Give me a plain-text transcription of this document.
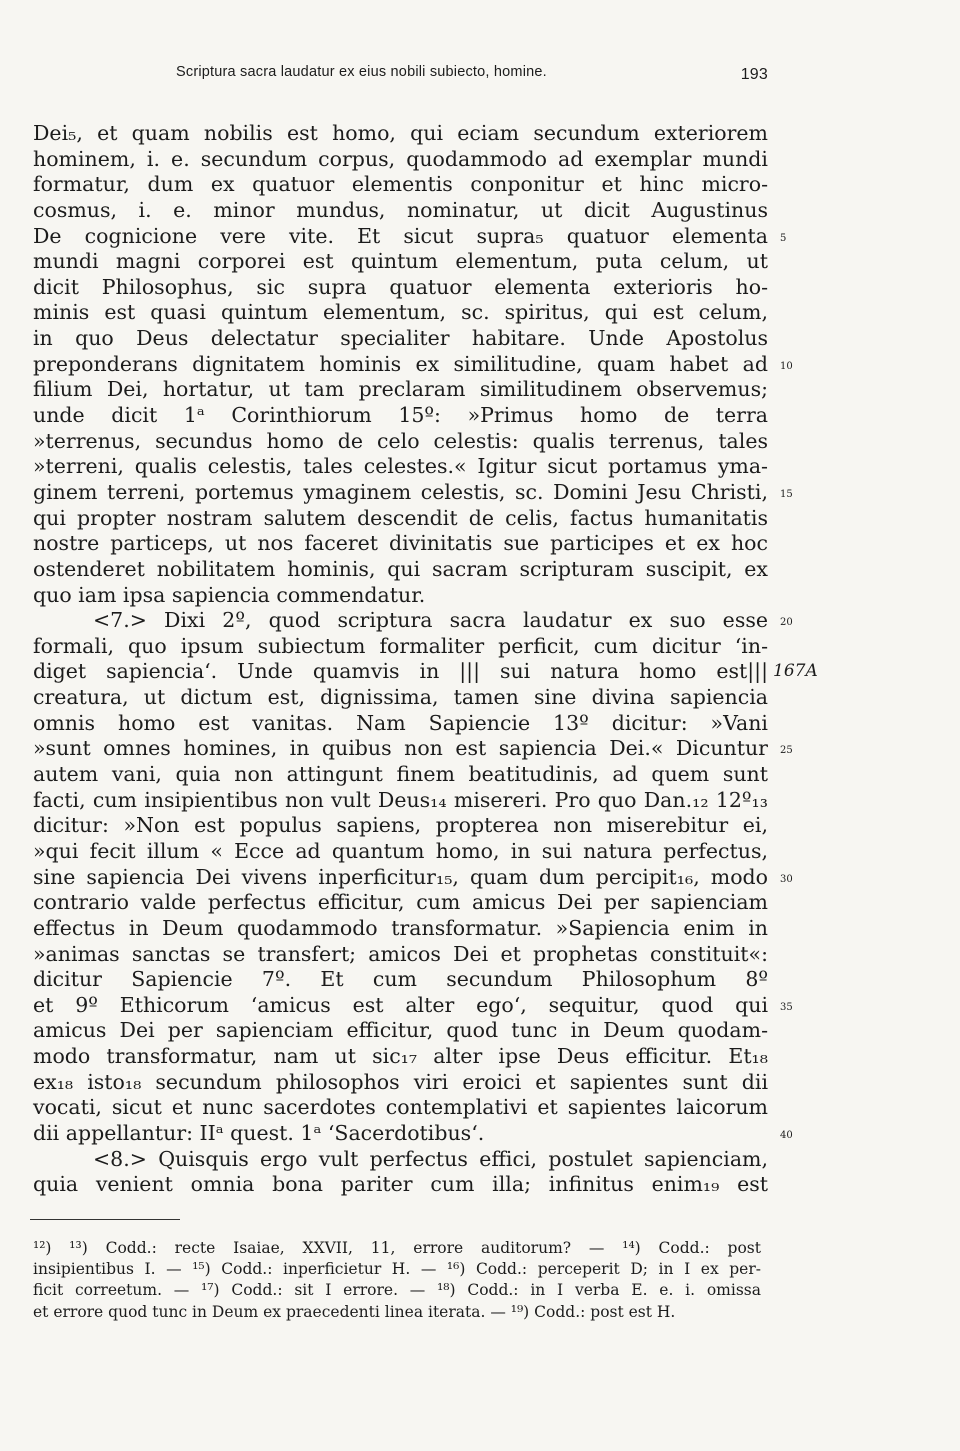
Scriptura sacra laudatur ex eius nobili subiecto, homine.	193
Dei₅, et quam nobilis est homo, qui eciam secundum exteriorem
hominem, i. e. secundum corpus, quodammodo ad exemplar mundi
formatur, dum ex quatuor elementis conponitur et hinc micro-
cosmus, i. e. minor mundus, nominatur, ut dicit Augustinus
De cognicione vere vite. Et sicut supra₅ quatuor elementa 5
mundi magni corporei est quintum elementum, puta celum, ut
dicit Philosophus, sic supra quatuor elementa exterioris ho-
minis est quasi quintum elementum, sc. spiritus, qui est celum,
in quo Deus delectatur specialiter habitare. Unde Apostolus
preponderans dignitatem hominis ex similitudine, quam habet ad 10
filium Dei, hortatur, ut tam preclaram similitudinem observemus;
unde dicit 1ᵃ Corinthiorum 15º: »Primus homo de terra
»terrenus, secundus homo de celo celestis: qualis terrenus, tales
»terreni, qualis celestis, tales celestes.« Igitur sicut portamus yma-
ginem terreni, portemus ymaginem celestis, sc. Domini Jesu Christi, 15
qui propter nostram salutem descendit de celis, factus humanitatis
nostre particeps, ut nos faceret divinitatis sue participes et ex hoc
ostenderet nobilitatem hominis, qui sacram scripturam suscipit, ex
quo iam ipsa sapiencia commendatur.
<7.> Dixi 2º, quod scriptura sacra laudatur ex suo esse 20
formali, quo ipsum subiectum formaliter perficit, cum dicitur ‘in-
diget sapiencia‘. Unde quamvis in ||| sui natura homo est||| 167A
creatura, ut dictum est, dignissima, tamen sine divina sapiencia
omnis homo est vanitas. Nam Sapiencie 13º dicitur: »Vani
»sunt omnes homines, in quibus non est sapiencia Dei.« Dicuntur 25
autem vani, quia non attingunt finem beatitudinis, ad quem sunt
facti, cum insipientibus non vult Deus₁₄ misereri. Pro quo Dan.₁₂ 12º₁₃
dicitur: »Non est populus sapiens, propterea non miserebitur ei,
»qui fecit illum « Ecce ad quantum homo, in sui natura perfectus,
sine sapiencia Dei vivens inperficitur₁₅, quam dum percipit₁₆, modo 30
contrario valde perfectus efficitur, cum amicus Dei per sapienciam
effectus in Deum quodammodo transformatur. »Sapiencia enim in
»animas sanctas se transfert; amicos Dei et prophetas constituit«:
dicitur Sapiencie 7º. Et cum secundum Philosophum 8º
et 9º Ethicorum ‘amicus est alter ego‘, sequitur, quod qui 35
amicus Dei per sapienciam efficitur, quod tunc in Deum quodam-
modo transformatur, nam ut sic₁₇ alter ipse Deus efficitur. Et₁₈
ex₁₈ isto₁₈ secundum philosophos viri eroici et sapientes sunt dii
vocati, sicut et nunc sacerdotes contemplativi et sapientes laicorum
dii appellantur: IIᵃ quest. 1ᵃ ‘Sacerdotibus‘.	40
<8.> Quisquis ergo vult perfectus effici, postulet sapienciam,
quia venient omnia bona pariter cum illa; infinitus enim₁₉ est
¹²) ¹³) Codd.: recte Isaiae, XXVII, 11, errore auditorum? — ¹⁴) Codd.: post
insipientibus I. — ¹⁵) Codd.: inperficietur H. — ¹⁶) Codd.: perceperit D; in I ex per-
ficit correetum. — ¹⁷) Codd.: sit I errore. — ¹⁸) Codd.: in I verba E. e. i. omissa
et errore quod tunc in Deum ex praecedenti linea iterata. — ¹⁹) Codd.: post est H.
